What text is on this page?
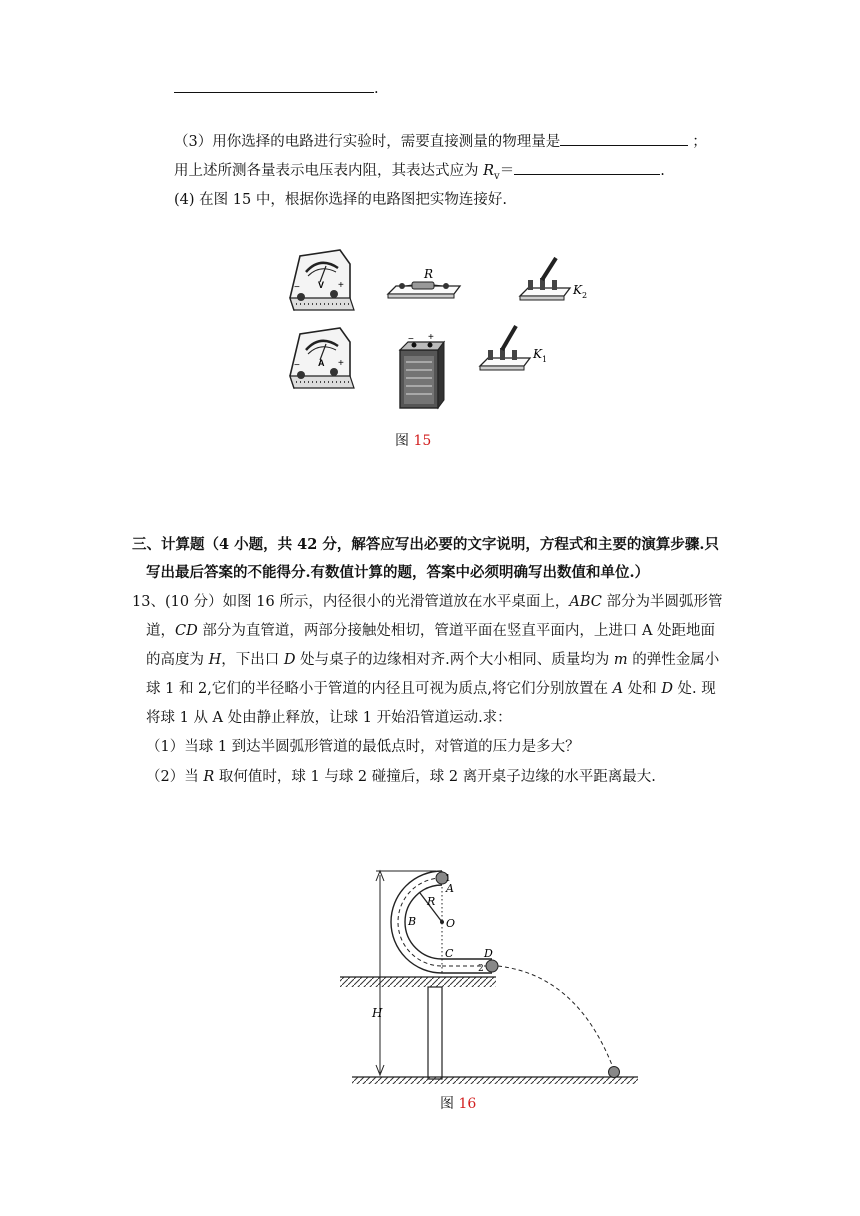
.
（3）用你选择的电路进行实验时，需要直接测量的物理量是	；
用上述所测各量表示电压表内阻，其表达式应为 $R_v=$	.
(4) 在图 15 中，根据你选择的电路图把实物连接好.
V
−	+
A
−	+
R
K 2
K 1
− +
图 15
三、计算题（4 小题，共 42 分，解答应写出必要的文字说明，方程式和主要的演算步骤.只
写出最后答案的不能得分.有数值计算的题，答案中必须明确写出数值和单位.）
13、(10 分）如图 16 所示，内径很小的光滑管道放在水平桌面上，ABC 部分为半圆弧形管
道，CD 部分为直管道，两部分接触处相切，管道平面在竖直平面内，上进口 A 处距地面
的高度为 H，下出口 D 处与桌子的边缘相对齐.两个大小相同、质量均为 m 的弹性金属小
球 1 和 2,它们的半径略小于管道的内径且可视为质点,将它们分别放置在 A 处和 D 处. 现
将球 1 从 A 处由静止释放，让球 1 开始沿管道运动.求：
（1）当球 1 到达半圆弧形管道的最低点时，对管道的压力是多大？
（2）当 R 取何值时，球 1 与球 2 碰撞后，球 2 离开桌子边缘的水平距离最大.
1
A
O
R
B
C	D
2
H
图 16
